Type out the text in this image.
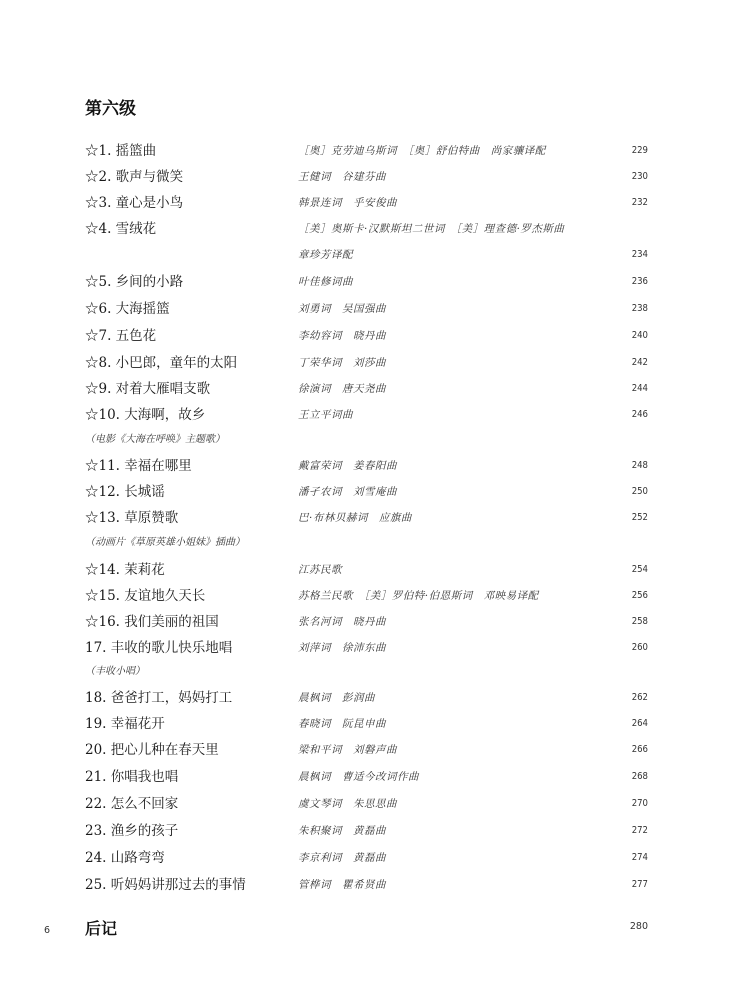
第六级
☆1. 摇篮曲	［奥］克劳迪乌斯词　［奥］舒伯特曲　尚家骧译配	229
☆2. 歌声与微笑	王健词　谷建芬曲	230
☆3. 童心是小鸟	韩景连词　乎安俊曲	232
☆4. 雪绒花	［美］奥斯卡·汉默斯坦二世词　［美］理查德·罗杰斯曲
章珍芳译配	234
☆5. 乡间的小路	叶佳修词曲	236
☆6. 大海摇篮	刘勇词　吴国强曲	238
☆7. 五色花	李幼容词　晓丹曲	240
☆8. 小巴郎，童年的太阳	丁荣华词　刘莎曲	242
☆9. 对着大雁唱支歌	徐演词　唐天尧曲	244
☆10. 大海啊，故乡	王立平词曲	246
（电影《大海在呼唤》主题歌）
☆11. 幸福在哪里	戴富荣词　姜春阳曲	248
☆12. 长城谣	潘孑农词　刘雪庵曲	250
☆13. 草原赞歌	巴·布林贝赫词　应旗曲	252
（动画片《草原英雄小姐妹》插曲）
☆14. 茉莉花	江苏民歌	254
☆15. 友谊地久天长	苏格兰民歌　［美］罗伯特·伯恩斯词　邓映易译配	256
☆16. 我们美丽的祖国	张名河词　晓丹曲	258
17. 丰收的歌儿快乐地唱	刘萍词　徐沛东曲	260
（丰收小唱）
18. 爸爸打工，妈妈打工	晨枫词　彭润曲	262
19. 幸福花开	春晓词　阮昆申曲	264
20. 把心儿种在春天里	梁和平词　刘磐声曲	266
21. 你唱我也唱	晨枫词　曹适今改词作曲	268
22. 怎么不回家	虞文琴词　朱思思曲	270
23. 渔乡的孩子	朱积聚词　黄磊曲	272
24. 山路弯弯	李京利词　黄磊曲	274
25. 听妈妈讲那过去的事情	管桦词　瞿希贤曲	277
后记	280
6
